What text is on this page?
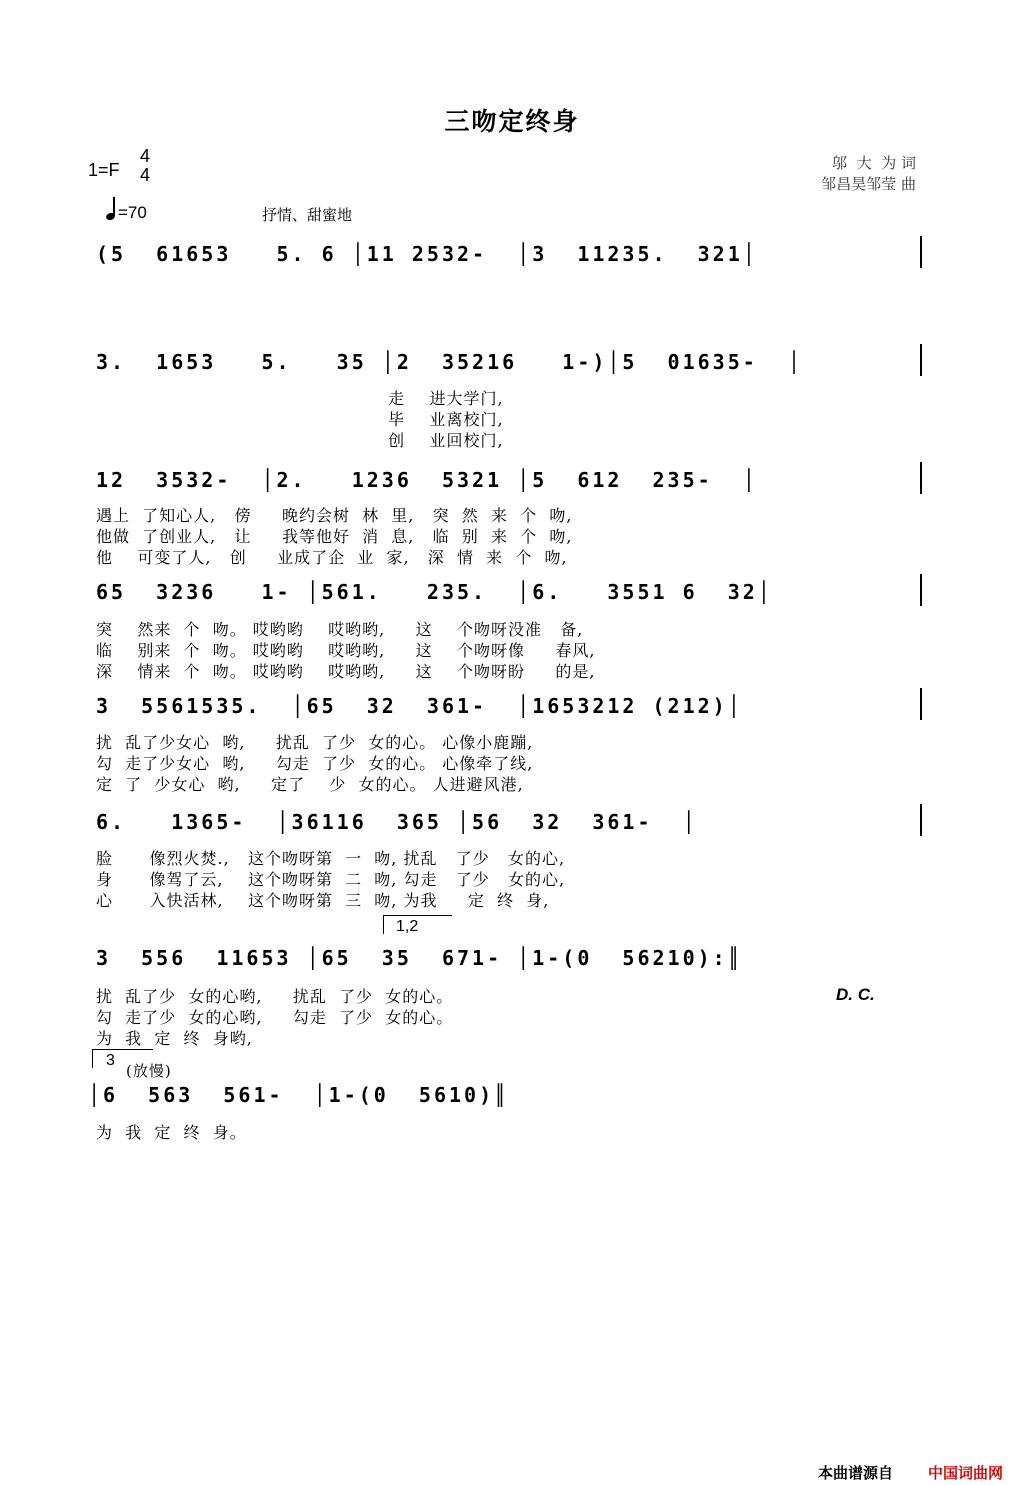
三吻定终身
1=F
4
4
=70	抒情、甜蜜地
邬  大  为 词
邹昌昊邹莹 曲
(5  61653   5. 6 │11 2532-  │3  11235.  321│
3.  1653   5.   35 │2  35216   1-)│5  01635-  │
走    进大学门,
毕    业离校门,
创    业回校门,
12  3532-  │2.   1236  5321 │5  612  235-  │
遇上  了知心人,   傍     晚约会树  林  里,   突  然  来  个  吻,
他做  了创业人,   让     我等他好  消  息,   临  别  来  个  吻,
他    可变了人,   创     业成了企  业  家,   深  情  来  个  吻,
65  3236   1- │561.   235.  │6.   3551 6  32│
突    然来  个  吻。 哎哟哟    哎哟哟,     这    个吻呀没准   备,
临    别来  个  吻。 哎哟哟    哎哟哟,     这    个吻呀像     春风,
深    情来  个  吻。 哎哟哟    哎哟哟,     这    个吻呀盼     的是,
3  5561535.  │65  32  361-  │1653212 (212)│
扰  乱了少女心  哟,     扰乱  了少  女的心。 心像小鹿蹦,
勾  走了少女心  哟,     勾走  了少  女的心。 心像牵了线,
定  了  少女心  哟,     定了    少  女的心。 人进避风港,
6.   1365-  │36116  365 │56  32  361-  │
脸      像烈火焚.,   这个吻呀第  一  吻, 扰乱   了少   女的心,
身      像驾了云,    这个吻呀第  二  吻, 勾走   了少   女的心,
心      入快活林,    这个吻呀第  三  吻, 为我     定  终  身,
1,2
3  556  11653 │65  35  671- │1-(0  56210):║
扰  乱了少  女的心哟,     扰乱  了少  女的心。
勾  走了少  女的心哟,     勾走  了少  女的心。
为  我  定  终  身哟,
D. C.
3
(放慢)
│6  563  561-  │1-(0  5610)║
为  我  定  终  身。
本曲谱源自 中国词曲网
